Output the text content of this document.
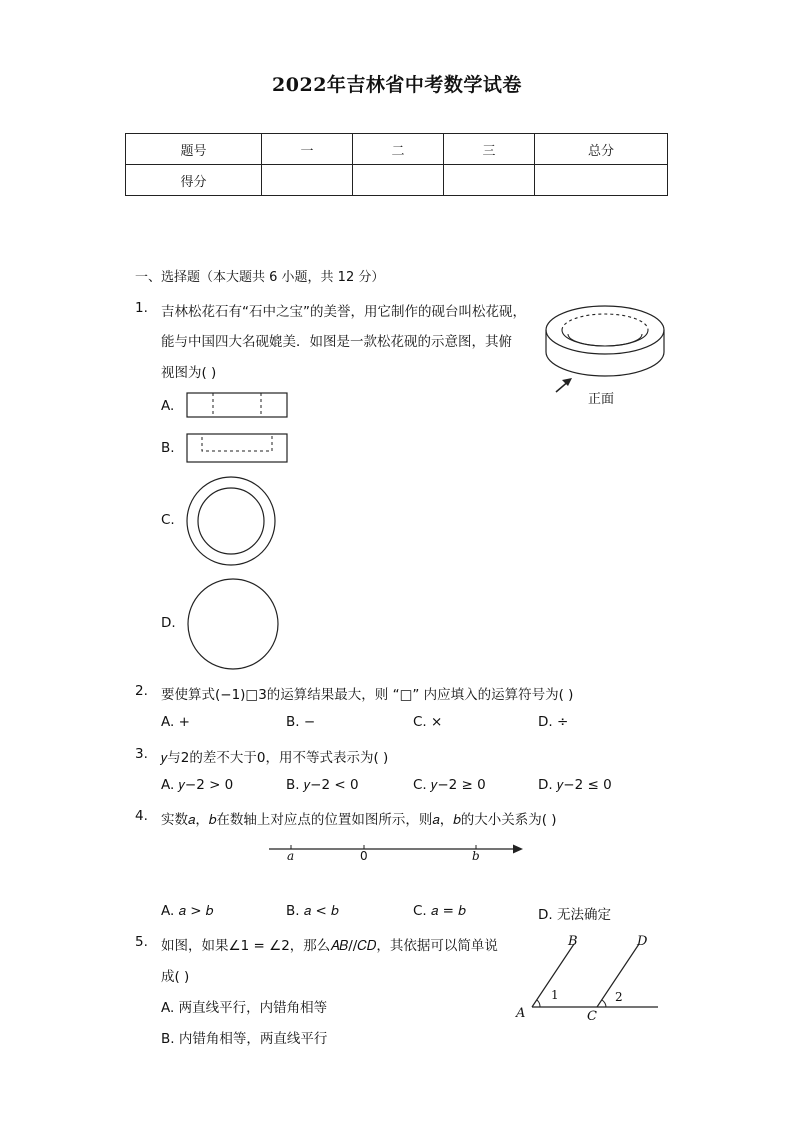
2022年吉林省中考数学试卷
题号	一	二	三	总分
得分				
一、选择题（本大题共 6 小题，共 12 分）
1. 吉林松花石有“石中之宝”的美誉，用它制作的砚台叫松花砚，
能与中国四大名砚媲美．如图是一款松花砚的示意图，其俯
视图为( )
正面
A.
B.
C.
D.
2. 要使算式(−1)□3的运算结果最大，则 “□” 内应填入的运算符号为( )
A. +	B. −	C. ×	D. ÷
3. 𝑦与2的差不大于0，用不等式表示为( )
A. 𝑦−2 > 0	B. 𝑦−2 < 0	C. 𝑦−2 ≥ 0	D. 𝑦−2 ≤ 0
4. 实数𝑎，𝑏在数轴上对应点的位置如图所示，则𝑎，𝑏的大小关系为( )
𝑎	0	𝑏
A. 𝑎 > 𝑏	B. 𝑎 < 𝑏	C. 𝑎 = 𝑏	D. 无法确定
5. 如图，如果∠1 = ∠2，那么𝐴𝐵//𝐶𝐷，其依据可以简单说
成( )
A. 两直线平行，内错角相等
B. 内错角相等，两直线平行
B	D
A	C
1	2
